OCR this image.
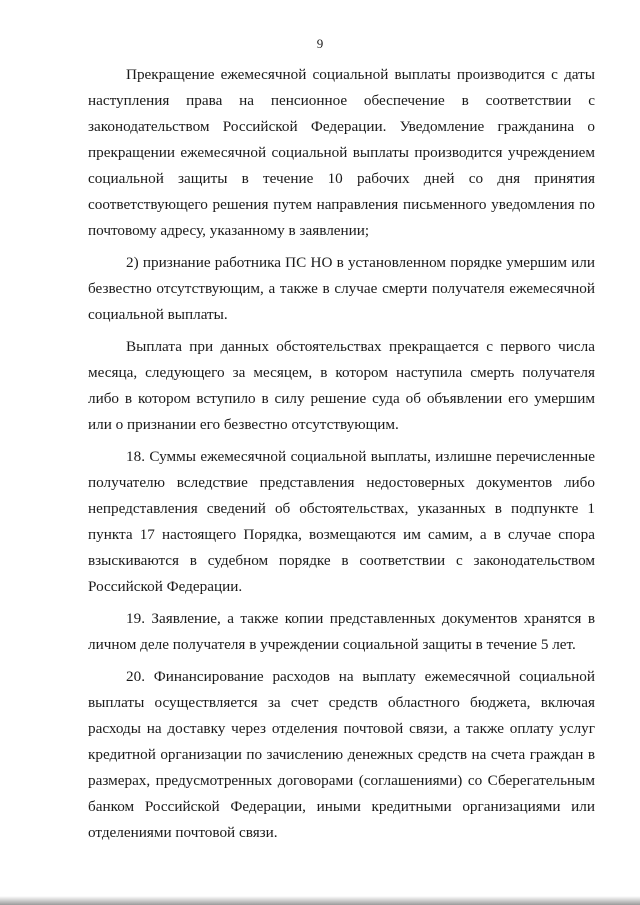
9

Прекращение ежемесячной социальной выплаты производится с даты наступления права на пенсионное обеспечение в соответствии с законодательством Российской Федерации. Уведомление гражданина о прекращении ежемесячной социальной выплаты производится учреждением социальной защиты в течение 10 рабочих дней со дня принятия соответствующего решения путем направления письменного уведомления по почтовому адресу, указанному в заявлении;

2) признание работника ПС НО в установленном порядке умершим или безвестно отсутствующим, а также в случае смерти получателя ежемесячной социальной выплаты.

Выплата при данных обстоятельствах прекращается с первого числа месяца, следующего за месяцем, в котором наступила смерть получателя либо в котором вступило в силу решение суда об объявлении его умершим или о признании его безвестно отсутствующим.

18. Суммы ежемесячной социальной выплаты, излишне перечисленные получателю вследствие представления недостоверных документов либо непредставления сведений об обстоятельствах, указанных в подпункте 1 пункта 17 настоящего Порядка, возмещаются им самим, а в случае спора взыскиваются в судебном порядке в соответствии с законодательством Российской Федерации.

19. Заявление, а также копии представленных документов хранятся в личном деле получателя в учреждении социальной защиты в течение 5 лет.

20. Финансирование расходов на выплату ежемесячной социальной выплаты осуществляется за счет средств областного бюджета, включая расходы на доставку через отделения почтовой связи, а также оплату услуг кредитной организации по зачислению денежных средств на счета граждан в размерах, предусмотренных договорами (соглашениями) со Сберегательным банком Российской Федерации, иными кредитными организациями или отделениями почтовой связи.
